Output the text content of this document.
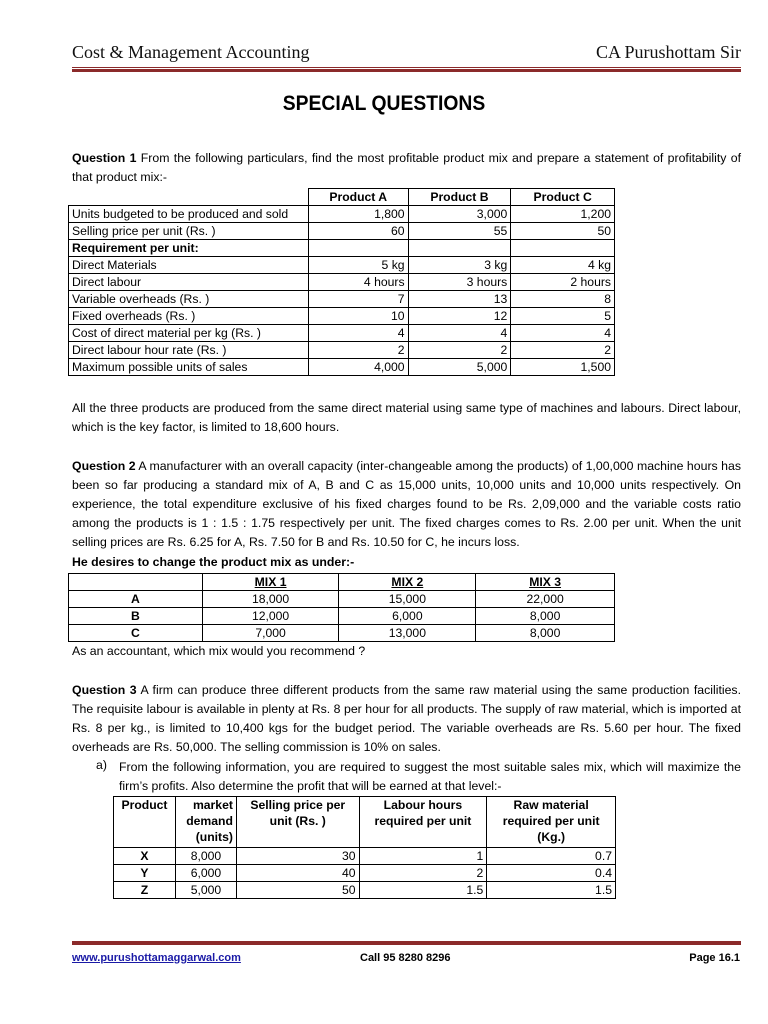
Cost & Management Accounting	CA Purushottam Sir
SPECIAL QUESTIONS
Question 1 From the following particulars, find the most profitable product mix and prepare a statement of profitability of that product mix:-
	Product A	Product B	Product C
Units budgeted to be produced and sold	1,800	3,000	1,200
Selling price per unit (Rs. )	60	55	50
Requirement per unit:			
Direct Materials	5 kg	3 kg	4 kg
Direct labour	4 hours	3 hours	2 hours
Variable overheads (Rs. )	7	13	8
Fixed overheads (Rs. )	10	12	5
Cost of direct material per kg (Rs. )	4	4	4
Direct labour hour rate (Rs. )	2	2	2
Maximum possible units of sales	4,000	5,000	1,500
All the three products are produced from the same direct material using same type of machines and labours. Direct labour, which is the key factor, is limited to 18,600 hours.
Question 2 A manufacturer with an overall capacity (inter-changeable among the products) of 1,00,000 machine hours has been so far producing a standard mix of A, B and C as 15,000 units, 10,000 units and 10,000 units respectively. On experience, the total expenditure exclusive of his fixed charges found to be Rs. 2,09,000 and the variable costs ratio among the products is 1 : 1.5 : 1.75 respectively per unit. The fixed charges comes to Rs. 2.00 per unit. When the unit selling prices are Rs. 6.25 for A, Rs. 7.50 for B and Rs. 10.50 for C, he incurs loss.
He desires to change the product mix as under:-
	MIX 1	MIX 2	MIX 3
A	18,000	15,000	22,000
B	12,000	6,000	8,000
C	7,000	13,000	8,000
As an accountant, which mix would you recommend ?
Question 3 A firm can produce three different products from the same raw material using the same production facilities. The requisite labour is available in plenty at Rs. 8 per hour for all products. The supply of raw material, which is imported at Rs. 8 per kg., is limited to 10,400 kgs for the budget period. The variable overheads are Rs. 5.60 per hour. The fixed overheads are Rs. 50,000. The selling commission is 10% on sales.
a) From the following information, you are required to suggest the most suitable sales mix, which will maximize the firm’s profits. Also determine the profit that will be earned at that level:-
Product	market demand (units)	Selling price per unit (Rs. )	Labour hours required per unit	Raw material required per unit (Kg.)
X	8,000	30	1	0.7
Y	6,000	40	2	0.4
Z	5,000	50	1.5	1.5
www.purushottamaggarwal.com	Call 95 8280 8296	Page 16.1
